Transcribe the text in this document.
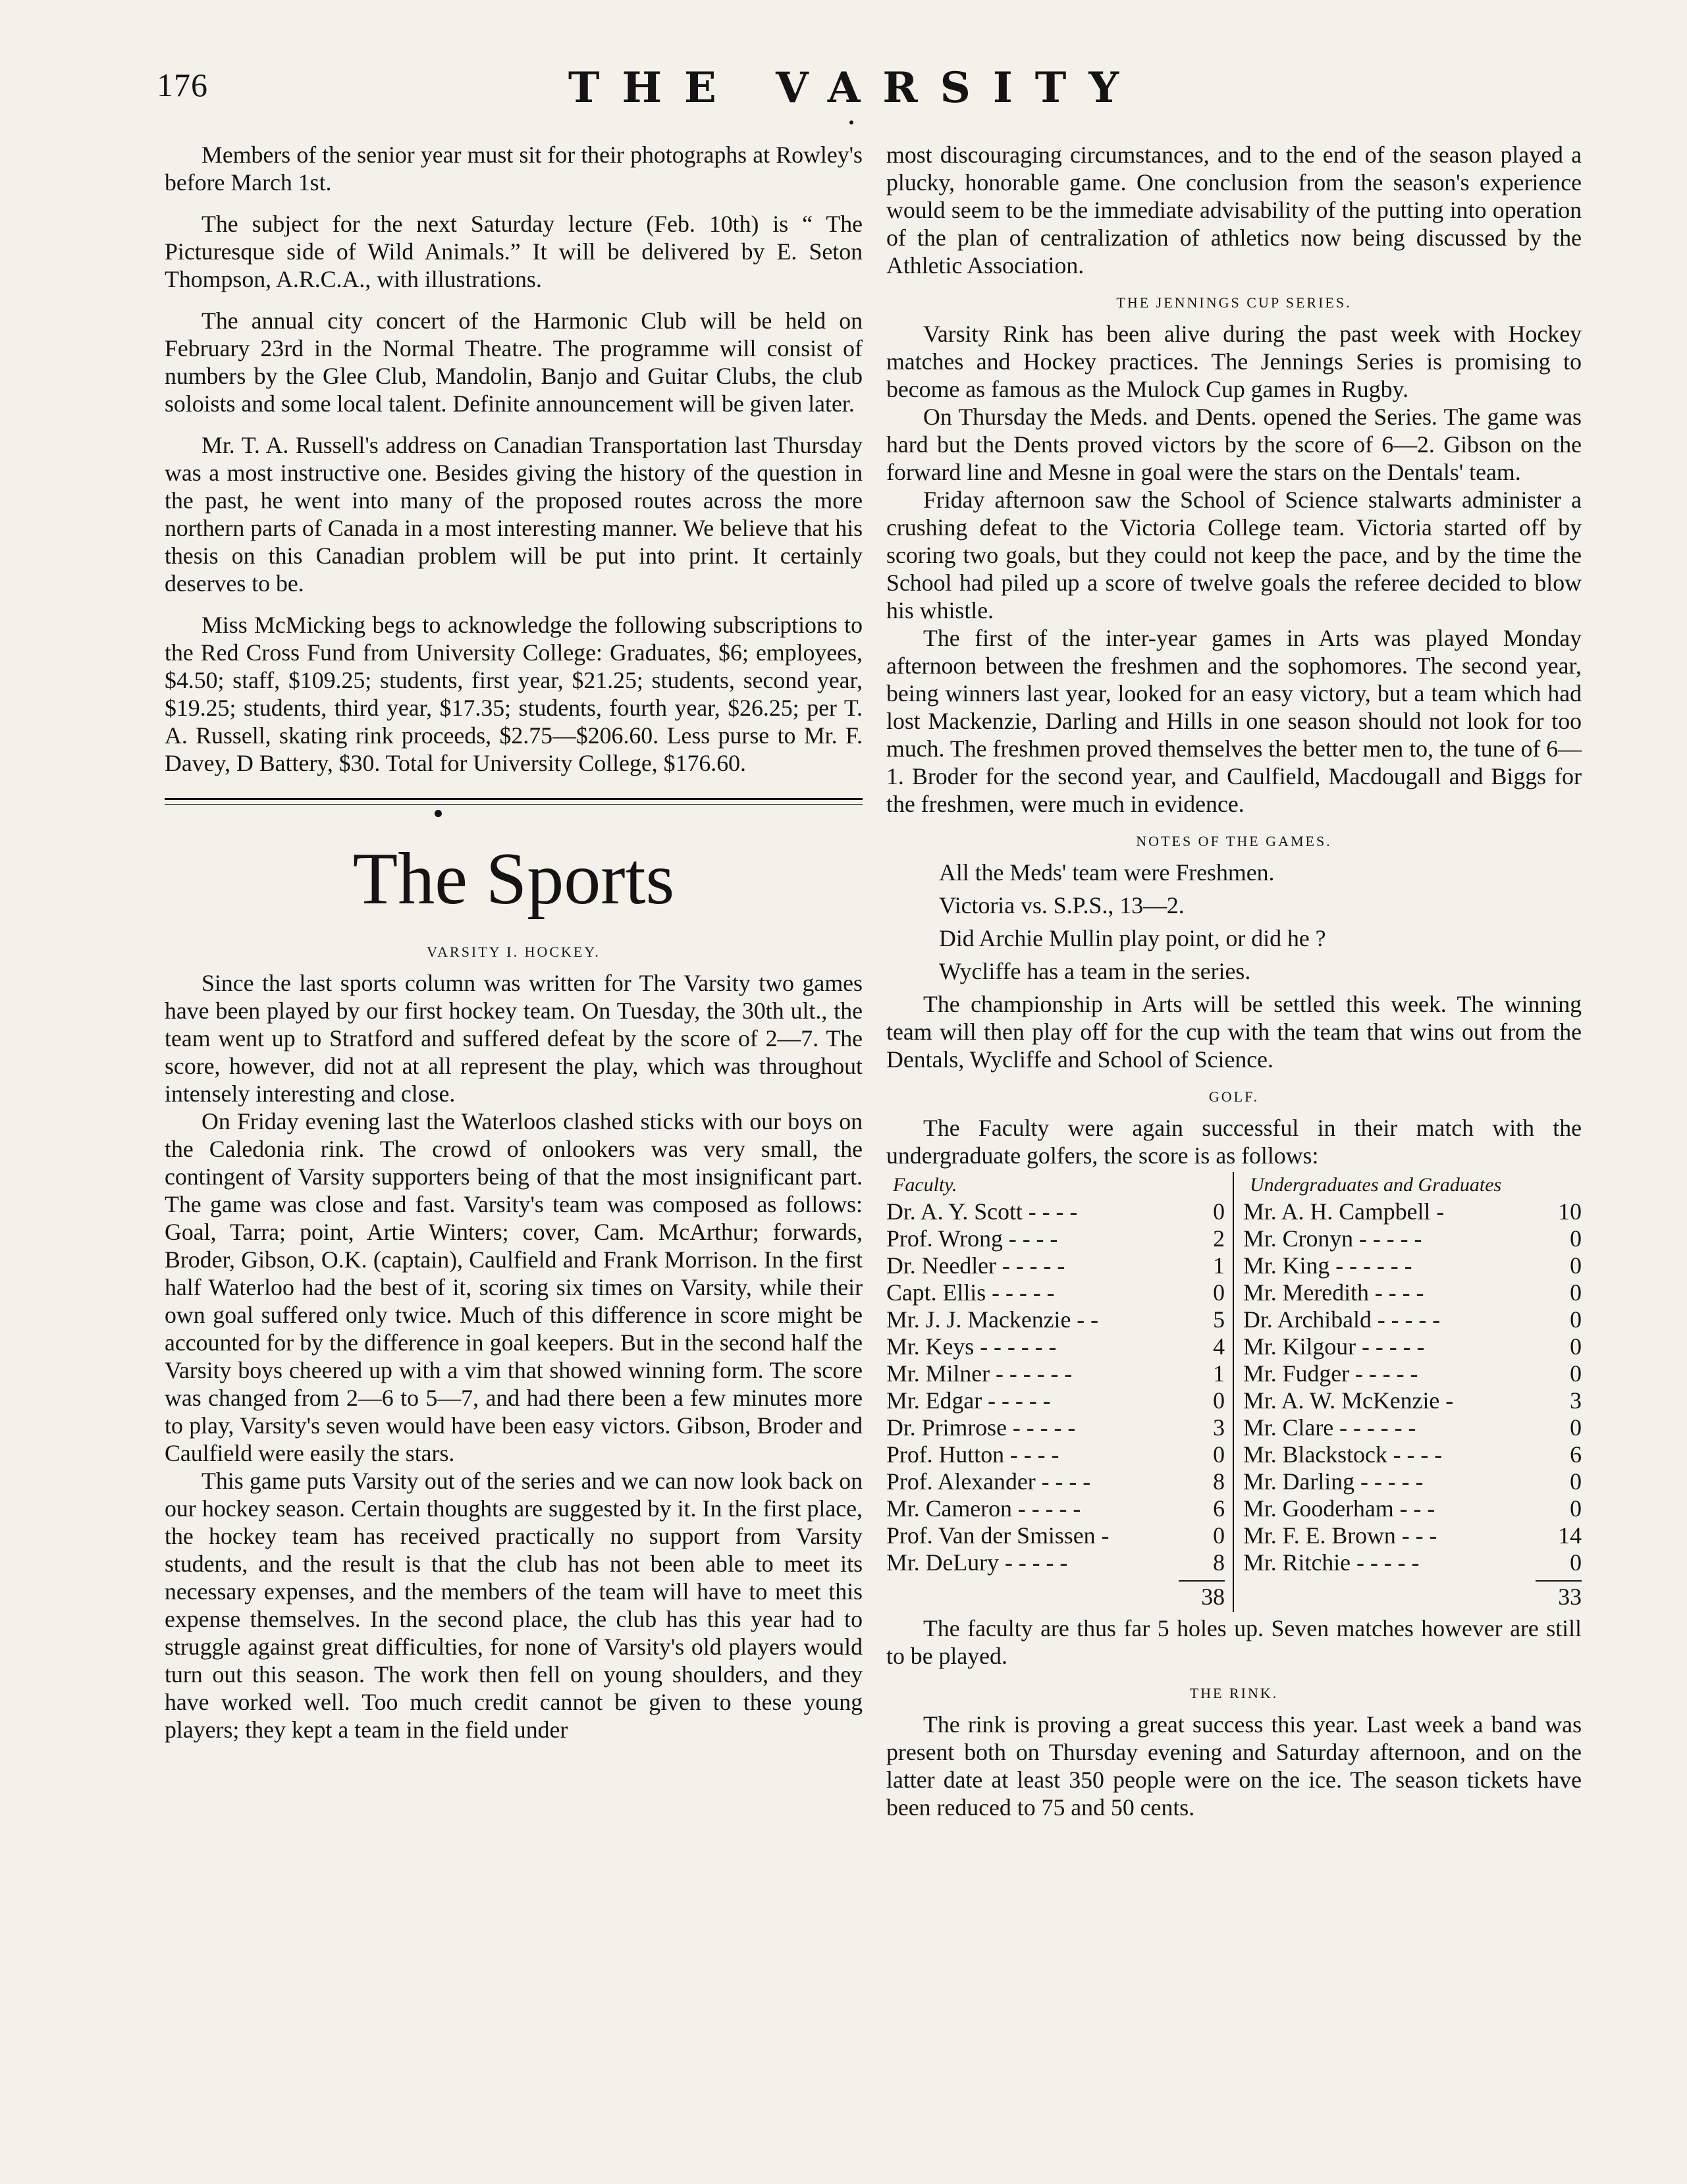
176	THE VARSITY

Members of the senior year must sit for their photographs at Rowley's before March 1st.

The subject for the next Saturday lecture (Feb. 10th) is “ The Picturesque side of Wild Animals.” It will be delivered by E. Seton Thompson, A.R.C.A., with illustrations.

The annual city concert of the Harmonic Club will be held on February 23rd in the Normal Theatre. The programme will consist of numbers by the Glee Club, Mandolin, Banjo and Guitar Clubs, the club soloists and some local talent. Definite announcement will be given later.

Mr. T. A. Russell's address on Canadian Transportation last Thursday was a most instructive one. Besides giving the history of the question in the past, he went into many of the proposed routes across the more northern parts of Canada in a most interesting manner. We believe that his thesis on this Canadian problem will be put into print. It certainly deserves to be.

Miss McMicking begs to acknowledge the following subscriptions to the Red Cross Fund from University College: Graduates, $6; employees, $4.50; staff, $109.25; students, first year, $21.25; students, second year, $19.25; students, third year, $17.35; students, fourth year, $26.25; per T. A. Russell, skating rink proceeds, $2.75—$206.60. Less purse to Mr. F. Davey, D Battery, $30. Total for University College, $176.60.

The Sports
VARSITY I. HOCKEY.

Since the last sports column was written for The Varsity two games have been played by our first hockey team. On Tuesday, the 30th ult., the team went up to Stratford and suffered defeat by the score of 2—7. The score, however, did not at all represent the play, which was throughout intensely interesting and close.

On Friday evening last the Waterloos clashed sticks with our boys on the Caledonia rink. The crowd of onlookers was very small, the contingent of Varsity supporters being of that the most insignificant part. The game was close and fast. Varsity's team was composed as follows: Goal, Tarra; point, Artie Winters; cover, Cam. McArthur; forwards, Broder, Gibson, O.K. (captain), Caulfield and Frank Morrison. In the first half Waterloo had the best of it, scoring six times on Varsity, while their own goal suffered only twice. Much of this difference in score might be accounted for by the difference in goal keepers. But in the second half the Varsity boys cheered up with a vim that showed winning form. The score was changed from 2—6 to 5—7, and had there been a few minutes more to play, Varsity's seven would have been easy victors. Gibson, Broder and Caulfield were easily the stars.

This game puts Varsity out of the series and we can now look back on our hockey season. Certain thoughts are suggested by it. In the first place, the hockey team has received practically no support from Varsity students, and the result is that the club has not been able to meet its necessary expenses, and the members of the team will have to meet this expense themselves. In the second place, the club has this year had to struggle against great difficulties, for none of Varsity's old players would turn out this season. The work then fell on young shoulders, and they have worked well. Too much credit cannot be given to these young players; they kept a team in the field under

most discouraging circumstances, and to the end of the season played a plucky, honorable game. One conclusion from the season's experience would seem to be the immediate advisability of the putting into operation of the plan of centralization of athletics now being discussed by the Athletic Association.

THE JENNINGS CUP SERIES.

Varsity Rink has been alive during the past week with Hockey matches and Hockey practices. The Jennings Series is promising to become as famous as the Mulock Cup games in Rugby.

On Thursday the Meds. and Dents. opened the Series. The game was hard but the Dents proved victors by the score of 6—2. Gibson on the forward line and Mesne in goal were the stars on the Dentals' team.

Friday afternoon saw the School of Science stalwarts administer a crushing defeat to the Victoria College team. Victoria started off by scoring two goals, but they could not keep the pace, and by the time the School had piled up a score of twelve goals the referee decided to blow his whistle.

The first of the inter-year games in Arts was played Monday afternoon between the freshmen and the sophomores. The second year, being winners last year, looked for an easy victory, but a team which had lost Mackenzie, Darling and Hills in one season should not look for too much. The freshmen proved themselves the better men to, the tune of 6—1. Broder for the second year, and Caulfield, Macdougall and Biggs for the freshmen, were much in evidence.

NOTES OF THE GAMES.

All the Meds' team were Freshmen.

Victoria vs. S.P.S., 13—2.

Did Archie Mullin play point, or did he ?

Wycliffe has a team in the series.

The championship in Arts will be settled this week. The winning team will then play off for the cup with the team that wins out from the Dentals, Wycliffe and School of Science.

GOLF.

The Faculty were again successful in their match with the undergraduate golfers, the score is as follows:

Faculty.
Dr. A. Y. Scott - - - -	0
Prof. Wrong - - - -	2
Dr. Needler - - - - -	1
Capt. Ellis - - - - -	0
Mr. J. J. Mackenzie - -	5
Mr. Keys - - - - - -	4
Mr. Milner - - - - - -	1
Mr. Edgar - - - - -	0
Dr. Primrose - - - - -	3
Prof. Hutton - - - -	0
Prof. Alexander - - - -	8
Mr. Cameron - - - - -	6
Prof. Van der Smissen -	0
Mr. DeLury - - - - -	8
38
Undergraduates and Graduates
Mr. A. H. Campbell -	10
Mr. Cronyn - - - - -	0
Mr. King - - - - - -	0
Mr. Meredith - - - -	0
Dr. Archibald - - - - -	0
Mr. Kilgour - - - - -	0
Mr. Fudger - - - - -	0
Mr. A. W. McKenzie -	3
Mr. Clare - - - - - -	0
Mr. Blackstock - - - -	6
Mr. Darling - - - - -	0
Mr. Gooderham - - -	0
Mr. F. E. Brown - - -	14
Mr. Ritchie - - - - -	0
33

The faculty are thus far 5 holes up. Seven matches however are still to be played.

THE RINK.

The rink is proving a great success this year. Last week a band was present both on Thursday evening and Saturday afternoon, and on the latter date at least 350 people were on the ice. The season tickets have been reduced to 75 and 50 cents.
